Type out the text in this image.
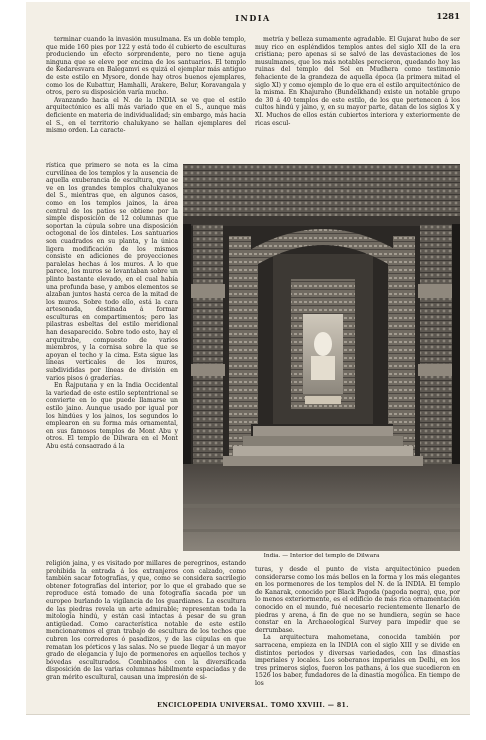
INDIA	1281

terminar cuando la invasión musulmana. Es un doble templo, que mide 160 pies por 122 y está todo él cubierto de esculturas produciendo un efecto sorprendente, pero no tiene aguja ninguna que se eleve por encima de los santuarios. El templo de Kedaresvara en Balegamvi es quizá el ejemplar más antiguo de este estilo en Mysore, donde hay otros buenos ejemplares, como los de Kubattur, Hamhalli, Arakere, Belur, Koravangala y otros, pero su disposición varía mucho.

Avanzando hacia el N. de la INDIA se ve que el estilo arquitectónico es allí más variado que en el S., aunque más deficiente en materia de individualidad; sin embargo, más hacia el S., en el territorio chalukyano se hallan ejemplares del mismo orden. La caracte-

metría y belleza sumamente agradable. El Gujarat hubo de ser muy rico en espléndidos templos antes del siglo XII de la era cristiana; pero apenas si se salvó de las devastaciones de los musulmanes, que los más notables perecieron, quedando hoy las ruinas del templo del Sol en Mudhera como testimonio fehaciente de la grandeza de aquella época (la primera mitad el siglo XI) y como ejemplo de lo que era el estilo arquitectónico de la misma. En Khajuraho (Bundelkhand) existe un notable grupo de 30 á 40 templos de este estilo, de los que pertenecen á los cultos hindú y jaino, y, en su mayor parte, datan de los siglos X y XI. Muchos de ellos están cubiertos interiora y exteriormente de ricas escul-

rística que primero se nota es la cima curvilínea de los templos y la ausencia de aquella exuberancia de escultura, que se ve en los grandes templos chalukyanos del S., mientras que, en algunos casos, como en los templos jainos, la área central de los patios se obtiene por la simple disposición de 12 columnas que soportan la cúpula sobre una disposición octogonal de los dinteles. Los santuarios son cuadrados en su planta, y la única ligera modificación de los mismos consiste en adiciones de proyecciones paralelas hechas á los muros. A lo que parece, los muros se levantaban sobre un plinto bastante elevado, en el cual había una profunda base, y ambos elementos se alzaban juntos hasta cerca de la mitad de los muros. Sobre todo ello, está la cara artesonada, destinada á formar esculturas en compartimentos; pero las pilastras esbeltas del estilo meridional han desaparecido. Sobre todo esto, hay el arquitrabe, compuesto de varios miembros, y la cornisa sobre la que se apoyan el techo y la cima. Esta sigue las líneas verticales de los muros, subdivididas por líneas de división en varios pisos ó graderías.

En Rajputana y en la India Occidental la variedad de este estilo septentrional se convierte en lo que puede llamarse un estilo jaino. Aunque usado por igual por los hindúes y los jainos, los segundos lo emplearon en su forma más ornamental, en sus famosos templos de Mont Abu y otros. El templo de Dilwara en el Mont Abu está consagrado á la

India. — Interior del templo de Dilwara

religión jaina, y es visitado por millares de peregrinos, estando prohibida la entrada á los extranjeros con calzado, como también sacar fotografías, y que, como se considera sacrilegio obtener fotografías del interior, por lo que el grabado que se reproduce está tomado de una fotografía sacada por un europeo burlando la vigilancia de los guardianes. La escultura de las piedras revela un arte admirable; representan toda la mitología hindú, y están casi intactas á pesar de su gran antigüedad. Como característica notable de este estilo mencionaremos el gran trabajo de escultura de los techos que cubren los corredores ó pasadizos, y de las cúpulas en que rematan los pórticos y las salas. No se puede llegar á un mayor grado de elegancia y lujo de pormenores en aquellos techos y bóvedas esculturados. Combinados con la diversificada disposición de las varias columnas hábilmente espaciadas y de gran mérito escultural, causan una impresión de si-

turas, y desde el punto de vista arquitectónico pueden considerarse como los más bellos en la forma y los más elegantes en los pormenores de los templos del N. de la INDIA. El templo de Kanarak, conocido por Black Pagoda (pagoda negra), que, por lo menos exteriormente, es el edificio de más rica ornamentación conocido en el mundo, fué necesario recientemente llenarlo de piedras y arena, á fin de que no se hundiera, según se hace constar en la Archaeological Survey para impedir que se derrumbase.

La arquitectura mahometana, conocida también por sarracena, empieza en la INDIA con el siglo XIII y se divide en distintos periodos y diversas variedades, con las dinastías imperiales y locales. Los soberanos imperiales en Delhi, en los tres primeros siglos, fueron los pathans, á los que sucedieron en 1526 los baber, fundadores de la dinastía mogólica. En tiempo de los

ENCICLOPEDIA UNIVERSAL. TOMO XXVIII. — 81.
